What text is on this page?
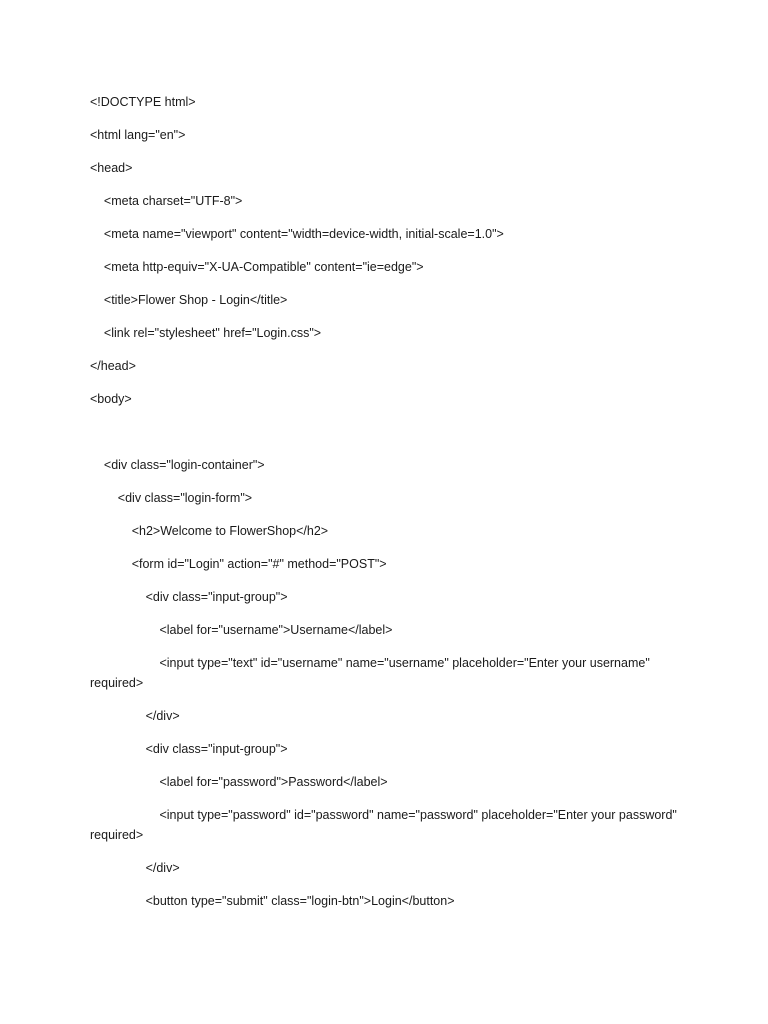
<!DOCTYPE html>
<html lang="en">
<head>
<meta charset="UTF-8">
<meta name="viewport" content="width=device-width, initial-scale=1.0">
<meta http-equiv="X-UA-Compatible" content="ie=edge">
<title>Flower Shop - Login</title>
<link rel="stylesheet" href="Login.css">
</head>
<body>
<div class="login-container">
<div class="login-form">
<h2>Welcome to FlowerShop</h2>
<form id="Login" action="#" method="POST">
<div class="input-group">
<label for="username">Username</label>
<input type="text" id="username" name="username" placeholder="Enter your username" required>
</div>
<div class="input-group">
<label for="password">Password</label>
<input type="password" id="password" name="password" placeholder="Enter your password" required>
</div>
<button type="submit" class="login-btn">Login</button>
